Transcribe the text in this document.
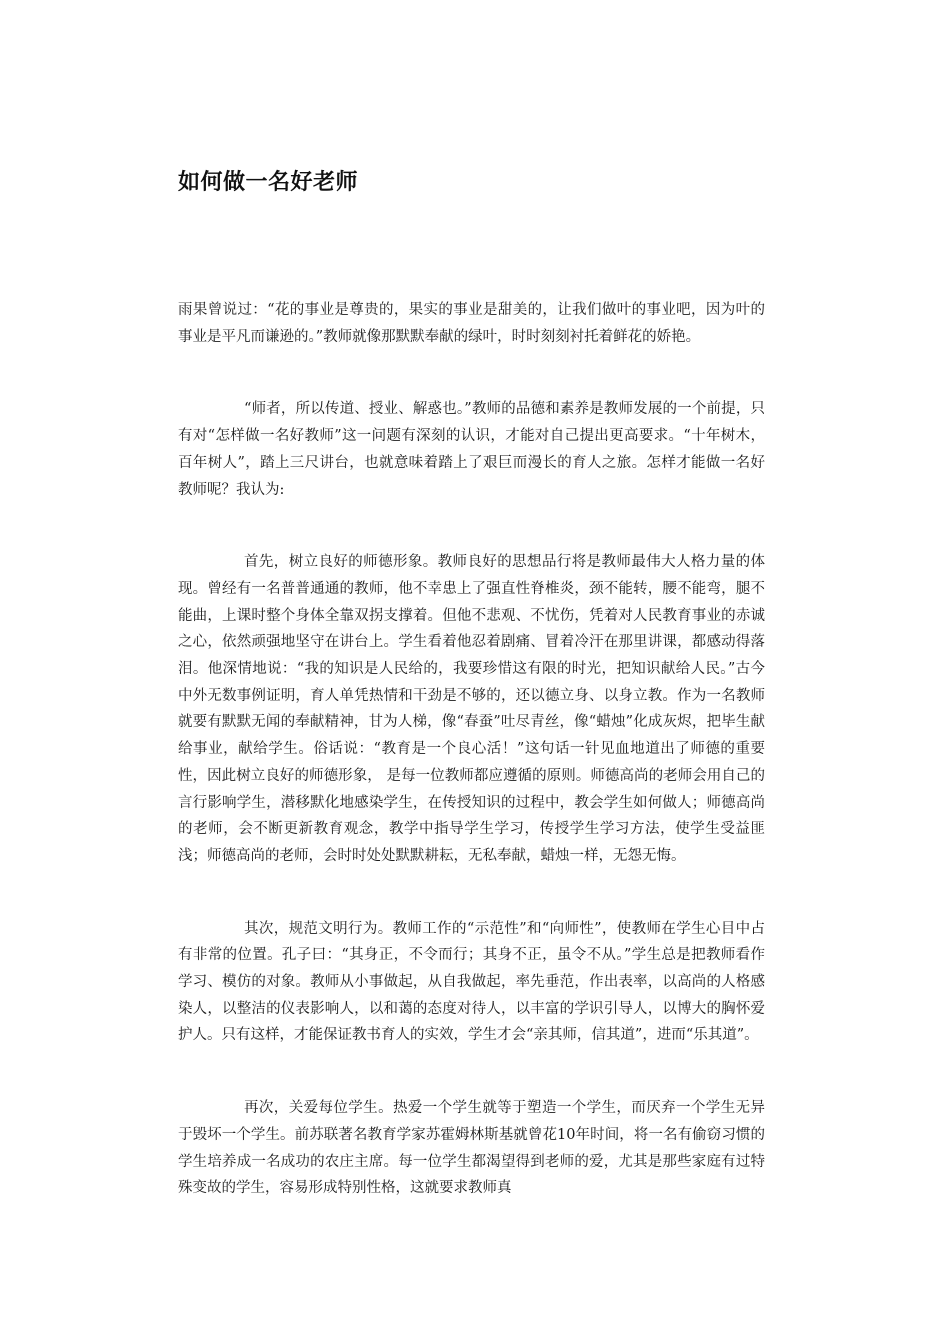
如何做一名好老师

雨果曾说过：“花的事业是尊贵的，果实的事业是甜美的，让我们做叶的事业吧，因为叶的事业是平凡而谦逊的。”教师就像那默默奉献的绿叶，时时刻刻衬托着鲜花的娇艳。

“师者，所以传道、授业、解惑也。”教师的品德和素养是教师发展的一个前提，只有对“怎样做一名好教师”这一问题有深刻的认识，才能对自己提出更高要求。“十年树木，百年树人”，踏上三尺讲台，也就意味着踏上了艰巨而漫长的育人之旅。怎样才能做一名好教师呢？我认为:

首先，树立良好的师德形象。教师良好的思想品行将是教师最伟大人格力量的体现。曾经有一名普普通通的教师，他不幸患上了强直性脊椎炎，颈不能转，腰不能弯，腿不能曲，上课时整个身体全靠双拐支撑着。但他不悲观、不忧伤，凭着对人民教育事业的赤诚之心，依然顽强地坚守在讲台上。学生看着他忍着剧痛、冒着冷汗在那里讲课，都感动得落泪。他深情地说：“我的知识是人民给的，我要珍惜这有限的时光，把知识献给人民。”古今中外无数事例证明，育人单凭热情和干劲是不够的，还以德立身、以身立教。作为一名教师就要有默默无闻的奉献精神，甘为人梯，像“春蚕”吐尽青丝，像“蜡烛”化成灰烬，把毕生献给事业，献给学生。俗话说：“教育是一个良心活！”这句话一针见血地道出了师德的重要性，因此树立良好的师德形象， 是每一位教师都应遵循的原则。师德高尚的老师会用自己的言行影响学生，潜移默化地感染学生，在传授知识的过程中，教会学生如何做人；师德高尚的老师，会不断更新教育观念，教学中指导学生学习，传授学生学习方法，使学生受益匪浅；师德高尚的老师，会时时处处默默耕耘，无私奉献，蜡烛一样，无怨无悔。

其次，规范文明行为。教师工作的“示范性”和“向师性”，使教师在学生心目中占有非常的位置。孔子曰：“其身正，不令而行；其身不正，虽令不从。”学生总是把教师看作学习、模仿的对象。教师从小事做起，从自我做起，率先垂范，作出表率，以高尚的人格感染人，以整洁的仪表影响人，以和蔼的态度对待人，以丰富的学识引导人，以博大的胸怀爱护人。只有这样，才能保证教书育人的实效，学生才会“亲其师，信其道”，进而“乐其道”。

再次，关爱每位学生。热爱一个学生就等于塑造一个学生，而厌弃一个学生无异于毁坏一个学生。前苏联著名教育学家苏霍姆林斯基就曾花10年时间，将一名有偷窃习惯的学生培养成一名成功的农庄主席。每一位学生都渴望得到老师的爱，尤其是那些家庭有过特殊变故的学生，容易形成特别性格，这就要求教师真
